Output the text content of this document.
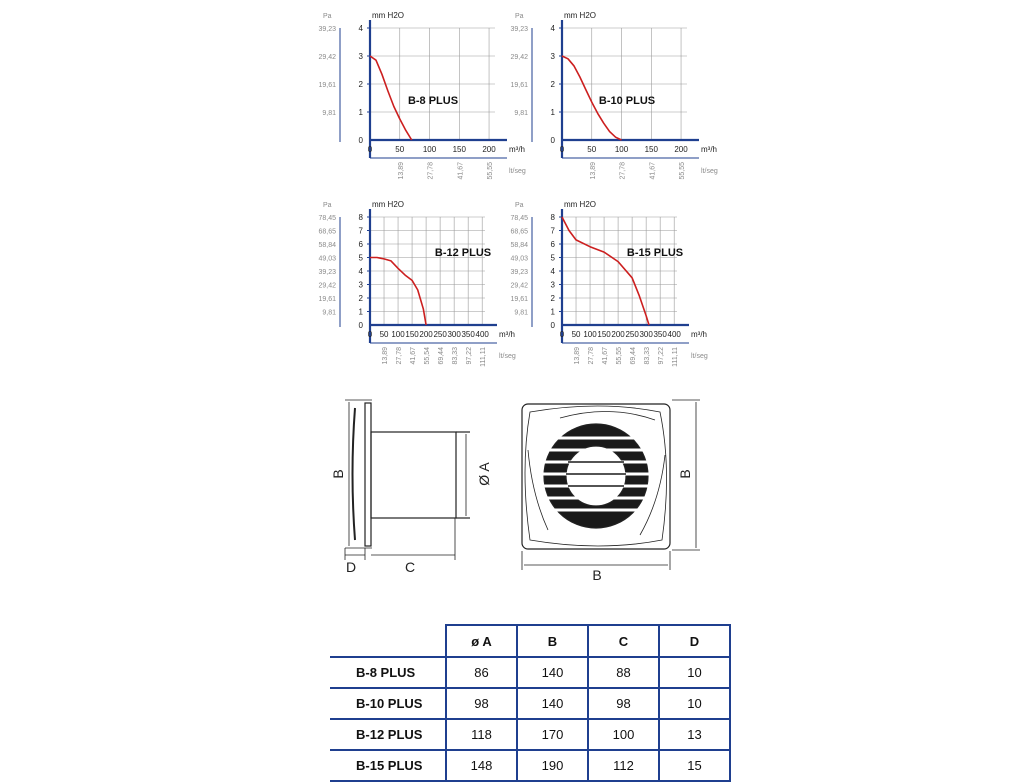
0
1
2
3
4
9,81
19,61
29,42
39,23
0	50 100 150 200
13,89	27,78	41,67	55,55
mm H2O
Pa
m³/h
lt/seg
B-8 PLUS
0
1
2
3
4
9,81
19,61
29,42
39,23
0	50 100 150 200
13,89	27,78	41,67	55,55
mm H2O
Pa
m³/h
lt/seg
B-10 PLUS
0
1
2
3
4
5
6
7
8
9,81
19,61
29,42
39,23
49,03
58,84
68,65
78,45
0 50 100 150 200 250 300 350 400
13,89 27,78 41,67 55,54 69,44 83,33 97,22 111,11
mm H2O
Pa
m³/h
lt/seg
B-12 PLUS
0
1
2
3
4
5
6
7
8
9,81
19,61
29,42
39,23
49,03
58,84
68,65
78,45
0 50 100 150 200 250 300 350 400
13,89 27,78 41,67 55,55 69,44 83,33 97,22 111,11
mm H2O
Pa
m³/h
lt/seg
B-15 PLUS
B	Ø A
D	C
B
B
	ø A	B	C	D
B-8 PLUS	86	140	88	10
B-10 PLUS	98	140	98	10
B-12 PLUS	118	170	100	13
B-15 PLUS	148	190	112	15
